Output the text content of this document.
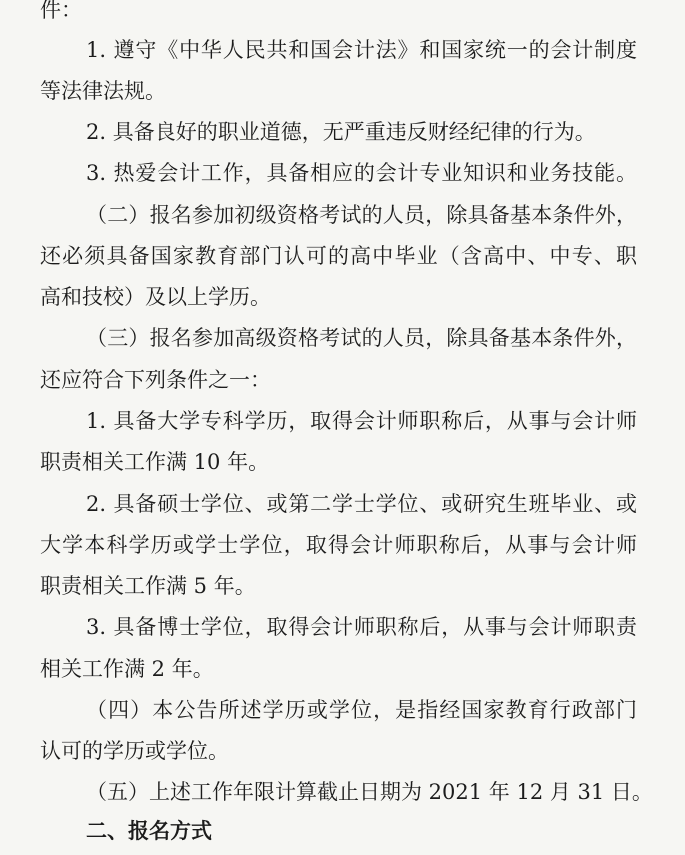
件：
1. 遵守《中华人民共和国会计法》和国家统一的会计制度
等法律法规。
2. 具备良好的职业道德，无严重违反财经纪律的行为。
3. 热爱会计工作，具备相应的会计专业知识和业务技能。
（二）报名参加初级资格考试的人员，除具备基本条件外，
还必须具备国家教育部门认可的高中毕业（含高中、中专、职
高和技校）及以上学历。
（三）报名参加高级资格考试的人员，除具备基本条件外，
还应符合下列条件之一：
1. 具备大学专科学历，取得会计师职称后，从事与会计师
职责相关工作满 10 年。
2. 具备硕士学位、或第二学士学位、或研究生班毕业、或
大学本科学历或学士学位，取得会计师职称后，从事与会计师
职责相关工作满 5 年。
3. 具备博士学位，取得会计师职称后，从事与会计师职责
相关工作满 2 年。
（四）本公告所述学历或学位，是指经国家教育行政部门
认可的学历或学位。
（五）上述工作年限计算截止日期为 2021 年 12 月 31 日。
二、报名方式
